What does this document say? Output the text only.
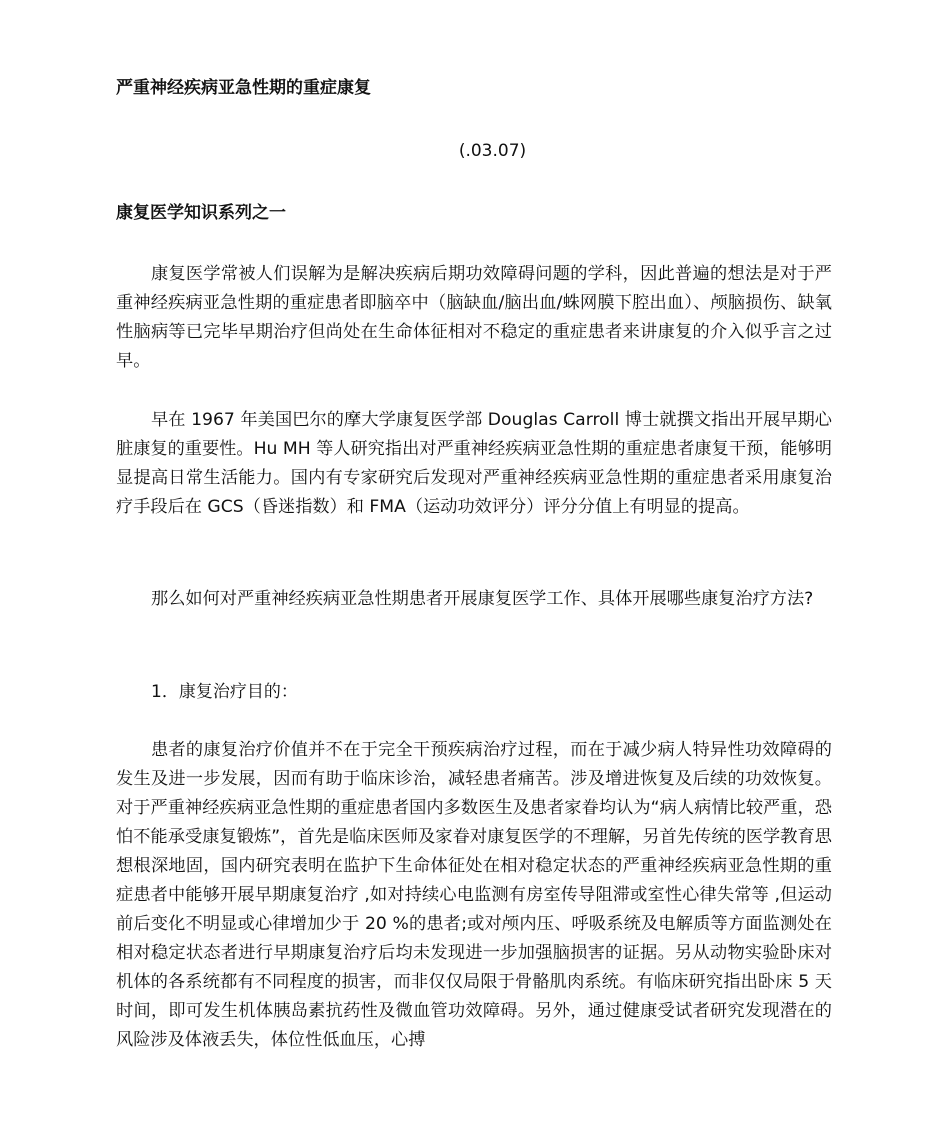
严重神经疾病亚急性期的重症康复
(.03.07)
康复医学知识系列之一

康复医学常被人们误解为是解决疾病后期功效障碍问题的学科，因此普遍的想法是对于严重神经疾病亚急性期的重症患者即脑卒中（脑缺血/脑出血/蛛网膜下腔出血）、颅脑损伤、缺氧性脑病等已完毕早期治疗但尚处在生命体征相对不稳定的重症患者来讲康复的介入似乎言之过早。

早在 1967 年美国巴尔的摩大学康复医学部 Douglas Carroll 博士就撰文指出开展早期心脏康复的重要性。Hu MH 等人研究指出对严重神经疾病亚急性期的重症患者康复干预，能够明显提高日常生活能力。国内有专家研究后发现对严重神经疾病亚急性期的重症患者采用康复治疗手段后在 GCS（昏迷指数）和 FMA（运动功效评分）评分分值上有明显的提高。

那么如何对严重神经疾病亚急性期患者开展康复医学工作、具体开展哪些康复治疗方法?

1．康复治疗目的：

患者的康复治疗价值并不在于完全干预疾病治疗过程，而在于减少病人特异性功效障碍的发生及进一步发展，因而有助于临床诊治，减轻患者痛苦。涉及增进恢复及后续的功效恢复。对于严重神经疾病亚急性期的重症患者国内多数医生及患者家眷均认为“病人病情比较严重，恐怕不能承受康复锻炼”，首先是临床医师及家眷对康复医学的不理解，另首先传统的医学教育思想根深地固，国内研究表明在监护下生命体征处在相对稳定状态的严重神经疾病亚急性期的重症患者中能够开展早期康复治疗 ,如对持续心电监测有房室传导阻滞或室性心律失常等 ,但运动前后变化不明显或心律增加少于 20 %的患者;或对颅内压、呼吸系统及电解质等方面监测处在相对稳定状态者进行早期康复治疗后均未发现进一步加强脑损害的证据。另从动物实验卧床对机体的各系统都有不同程度的损害，而非仅仅局限于骨骼肌肉系统。有临床研究指出卧床 5 天时间，即可发生机体胰岛素抗药性及微血管功效障碍。另外，通过健康受试者研究发现潜在的风险涉及体液丢失，体位性低血压，心搏
